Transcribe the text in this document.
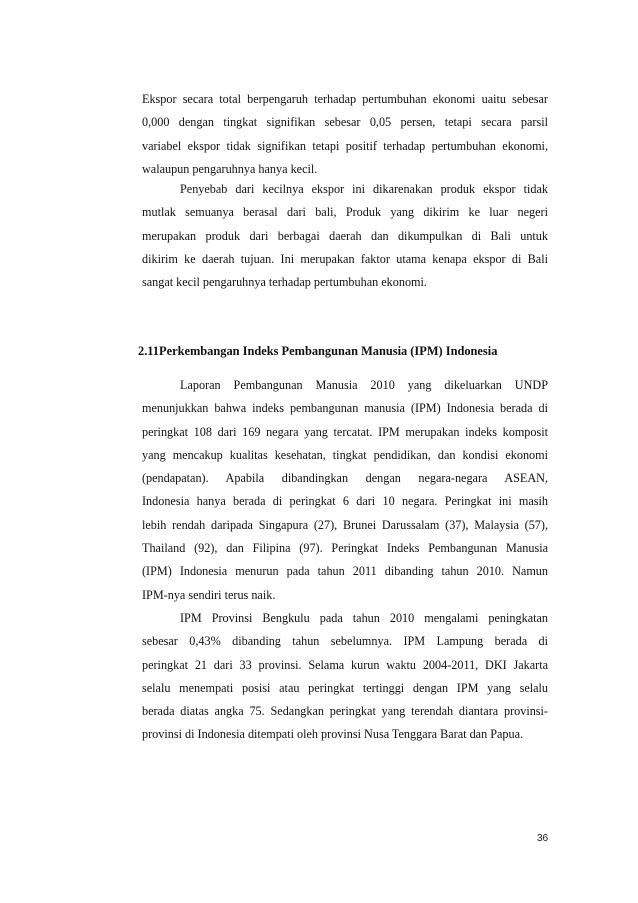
Ekspor secara total berpengaruh terhadap pertumbuhan ekonomi uaitu sebesar
0,000 dengan tingkat signifikan sebesar 0,05 persen, tetapi secara parsil
variabel ekspor tidak signifikan tetapi positif terhadap pertumbuhan ekonomi,
walaupun pengaruhnya hanya kecil.

Penyebab dari kecilnya ekspor ini dikarenakan produk ekspor tidak
mutlak semuanya berasal dari bali, Produk yang dikirim ke luar negeri
merupakan produk dari berbagai daerah dan dikumpulkan di Bali untuk
dikirim ke daerah tujuan. Ini merupakan faktor utama kenapa ekspor di Bali
sangat kecil pengaruhnya terhadap pertumbuhan ekonomi.

2.11Perkembangan Indeks Pembangunan Manusia (IPM) Indonesia

Laporan Pembangunan Manusia 2010 yang dikeluarkan UNDP
menunjukkan bahwa indeks pembangunan manusia (IPM) Indonesia berada di
peringkat 108 dari 169 negara yang tercatat. IPM merupakan indeks komposit
yang mencakup kualitas kesehatan, tingkat pendidikan, dan kondisi ekonomi
(pendapatan). Apabila dibandingkan dengan negara-negara ASEAN,
Indonesia hanya berada di peringkat 6 dari 10 negara. Peringkat ini masih
lebih rendah daripada Singapura (27), Brunei Darussalam (37), Malaysia (57),
Thailand (92), dan Filipina (97). Peringkat Indeks Pembangunan Manusia
(IPM) Indonesia menurun pada tahun 2011 dibanding tahun 2010. Namun
IPM-nya sendiri terus naik.

IPM Provinsi Bengkulu pada tahun 2010 mengalami peningkatan
sebesar 0,43% dibanding tahun sebelumnya. IPM Lampung berada di
peringkat 21 dari 33 provinsi. Selama kurun waktu 2004-2011, DKI Jakarta
selalu menempati posisi atau peringkat tertinggi dengan IPM yang selalu
berada diatas angka 75. Sedangkan peringkat yang terendah diantara provinsi-
provinsi di Indonesia ditempati oleh provinsi Nusa Tenggara Barat dan Papua.

36
